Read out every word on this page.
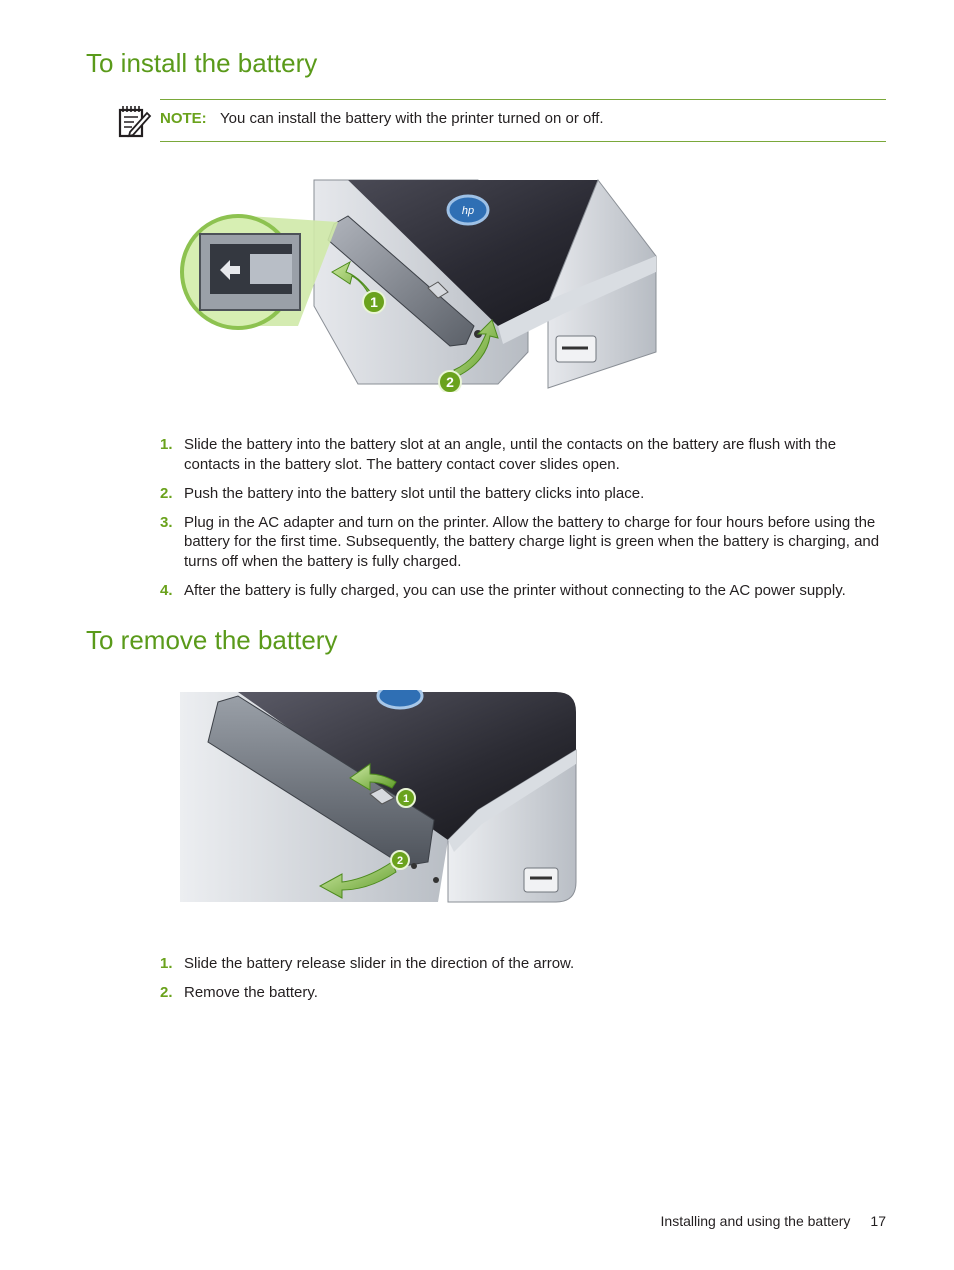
To install the battery
NOTE: You can install the battery with the printer turned on or off.
hp
1
2
1. Slide the battery into the battery slot at an angle, until the contacts on the battery are flush with the contacts in the battery slot. The battery contact cover slides open.
2. Push the battery into the battery slot until the battery clicks into place.
3. Plug in the AC adapter and turn on the printer. Allow the battery to charge for four hours before using the battery for the first time. Subsequently, the battery charge light is green when the battery is charging, and turns off when the battery is fully charged.
4. After the battery is fully charged, you can use the printer without connecting to the AC power supply.
To remove the battery
1
2
1. Slide the battery release slider in the direction of the arrow.
2. Remove the battery.
Installing and using the battery 17
